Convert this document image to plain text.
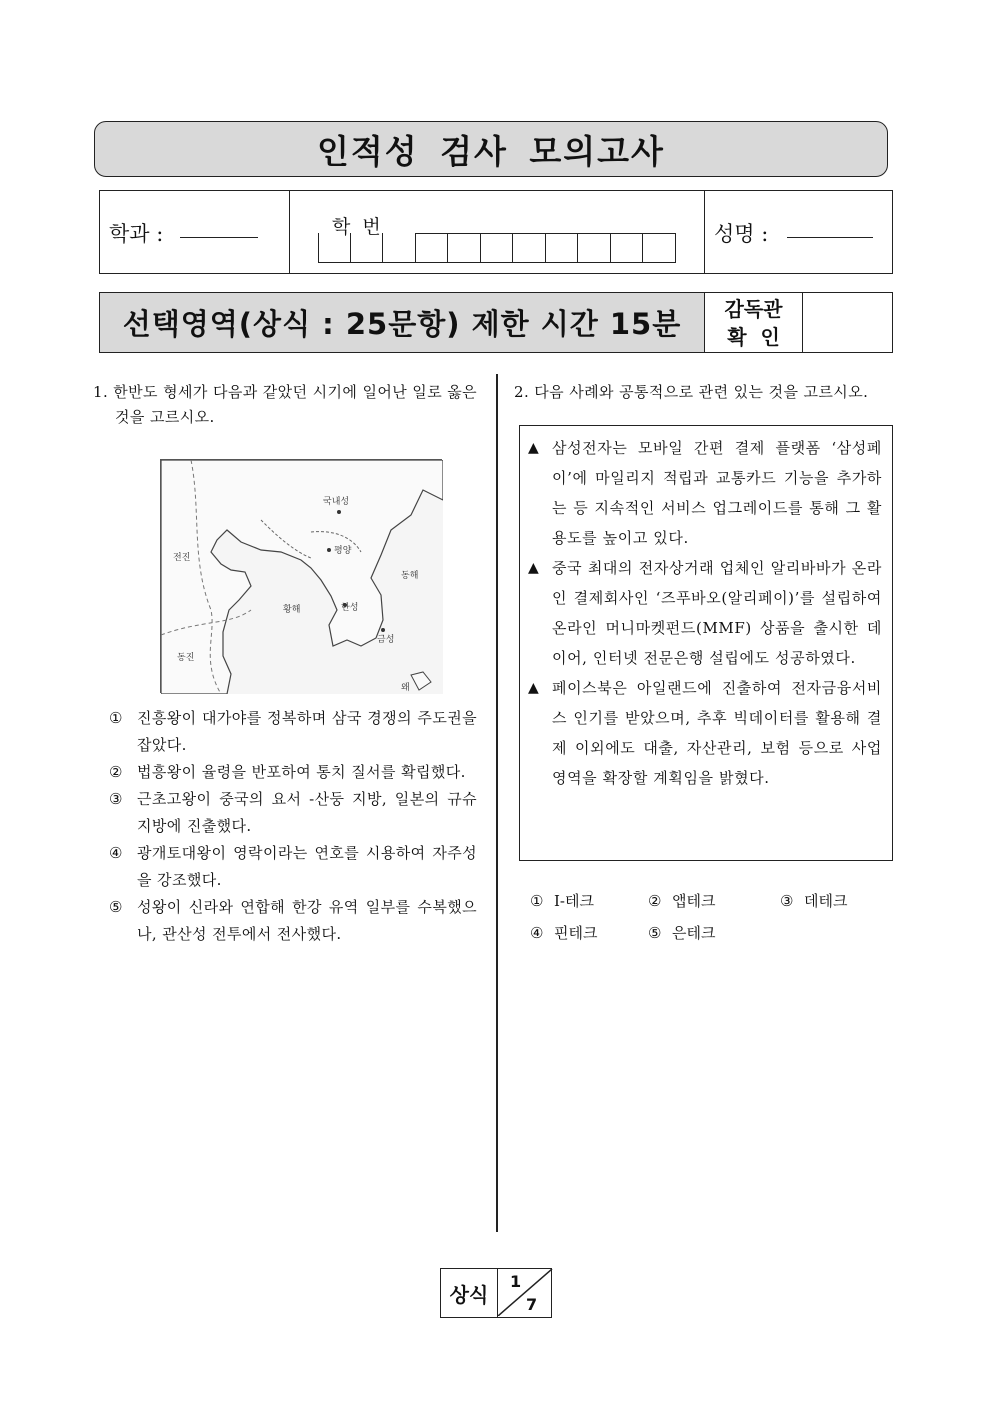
인적성 검사 모의고사
학과 :	학  번	성명 :
선택영역(상식 : 25문항) 제한 시간 15분	감독관
확  인
1. 한반도 형세가 다음과 같았던 시기에 일어난 일로 옳은 것을 고르시오.
국내성
평양
전진
동해
황해	한성
금성
동진
왜
① 진흥왕이 대가야를 정복하며 삼국 경쟁의 주도권을 잡았다.
② 법흥왕이 율령을 반포하여 통치 질서를 확립했다.
③ 근초고왕이 중국의 요서 -산둥 지방, 일본의 규슈 지방에 진출했다.
④ 광개토대왕이 영락이라는 연호를 시용하여 자주성을 강조했다.
⑤ 성왕이 신라와 연합해 한강 유역 일부를 수복했으나, 관산성 전투에서 전사했다.
2. 다음 사례와 공통적으로 관련 있는 것을 고르시오.
▲ 삼성전자는 모바일 간편 결제 플랫폼 ‘삼성페이’에 마일리지 적립과 교통카드 기능을 추가하는 등 지속적인 서비스 업그레이드를 통해 그 활용도를 높이고 있다.
▲ 중국 최대의 전자상거래 업체인 알리바바가 온라인 결제회사인 ‘즈푸바오(알리페이)’를 설립하여 온라인 머니마켓펀드(MMF) 상품을 출시한 데 이어, 인터넷 전문은행 설립에도 성공하였다.
▲ 페이스북은 아일랜드에 진출하여 전자금융서비스 인기를 받았으며, 추후 빅데이터를 활용해 결제 이외에도 대출, 자산관리, 보험 등으로 사업 영역을 확장할 계획임을 밝혔다.
① I-테크	② 앱테크	③ 데테크
④ 핀테크	⑤ 은테크
상식
1
7
